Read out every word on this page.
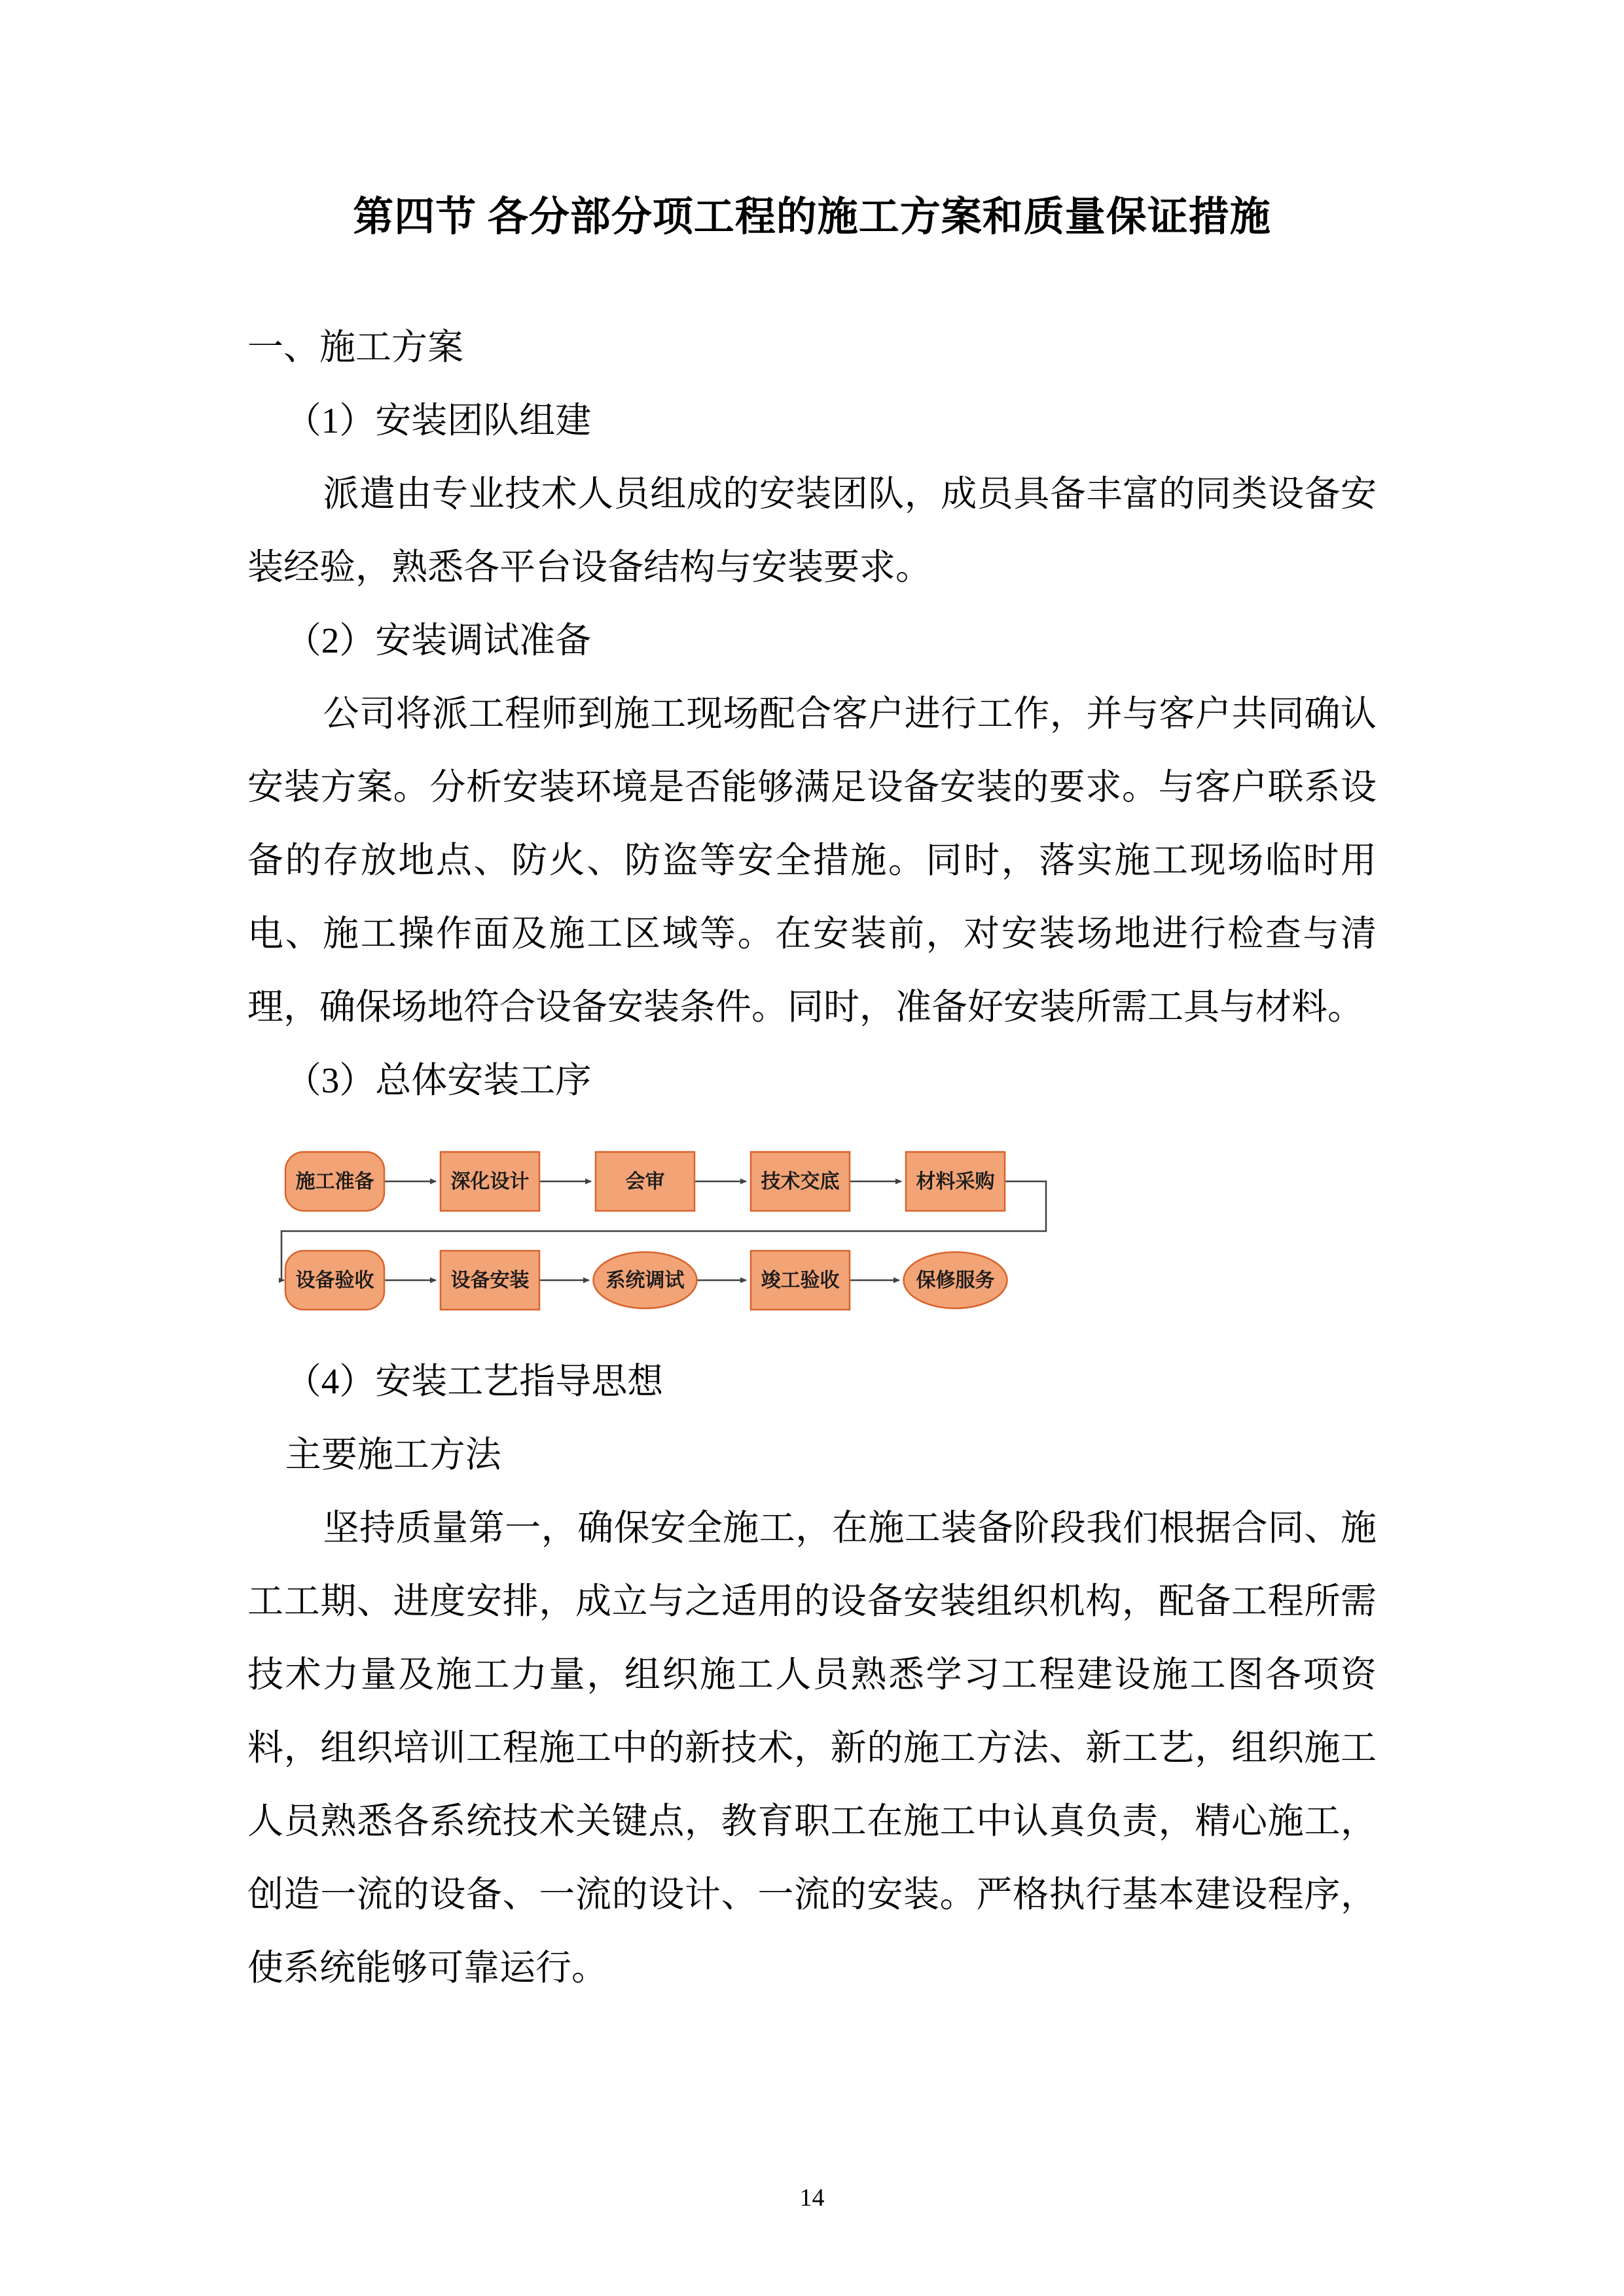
第四节 各分部分项工程的施工方案和质量保证措施

一、施工方案

（1）安装团队组建

派遣由专业技术人员组成的安装团队，成员具备丰富的同类设备安装经验，熟悉各平台设备结构与安装要求。

（2）安装调试准备

公司将派工程师到施工现场配合客户进行工作，并与客户共同确认安装方案。分析安装环境是否能够满足设备安装的要求。与客户联系设备的存放地点、防火、防盗等安全措施。同时，落实施工现场临时用电、施工操作面及施工区域等。在安装前，对安装场地进行检查与清理，确保场地符合设备安装条件。同时，准备好安装所需工具与材料。

（3）总体安装工序

施工准备	深化设计	会审	技术交底	材料采购
设备验收	设备安装	系统调试	竣工验收	保修服务

（4）安装工艺指导思想

主要施工方法

坚持质量第一，确保安全施工，在施工装备阶段我们根据合同、施工工期、进度安排，成立与之适用的设备安装组织机构，配备工程所需技术力量及施工力量，组织施工人员熟悉学习工程建设施工图各项资料，组织培训工程施工中的新技术，新的施工方法、新工艺，组织施工人员熟悉各系统技术关键点，教育职工在施工中认真负责，精心施工，创造一流的设备、一流的设计、一流的安装。严格执行基本建设程序，使系统能够可靠运行。

14
